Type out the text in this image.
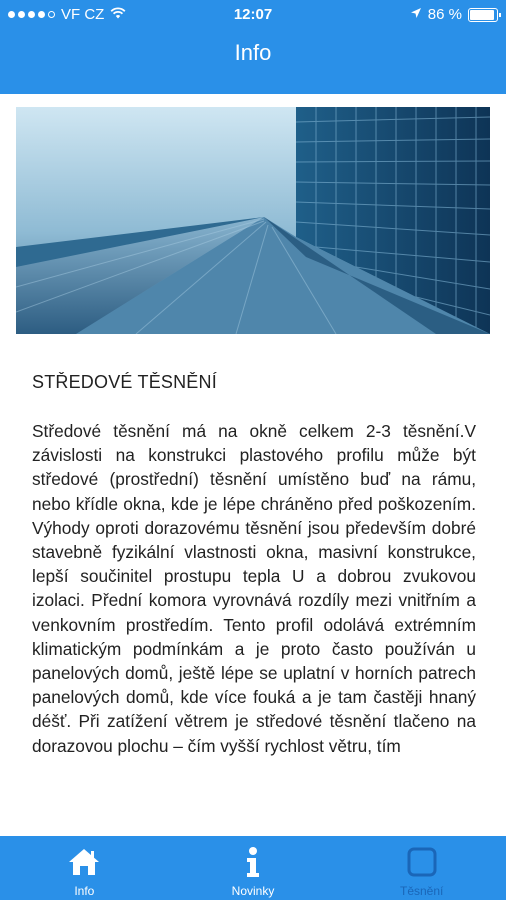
VF CZ	12:07	86 %
Info
STŘEDOVÉ TĚSNĚNÍ
Středové těsnění má na okně celkem 2-3 těsnění.V závislosti na konstrukci plastového profilu může být středové (prostřední) těsnění umístěno buď na rámu, nebo křídle okna, kde je lépe chráněno před poškozením. Výhody oproti dorazovému těsnění jsou především dobré stavebně fyzikální vlastnosti okna, masivní konstrukce, lepší součinitel prostupu tepla U a dobrou zvukovou izolaci. Přední komora vyrovnává rozdíly mezi vnitřním a venkovním prostředím. Tento profil odolává extrémním klimatickým podmínkám a je proto často používán u panelových domů, ještě lépe se uplatní v horních patrech panelových domů, kde více fouká a je tam častěji hnaný déšť. Při zatížení větrem je středové těsnění tlačeno na dorazovou plochu – čím vyšší rychlost větru, tím
Info	Novinky	Těsnění
